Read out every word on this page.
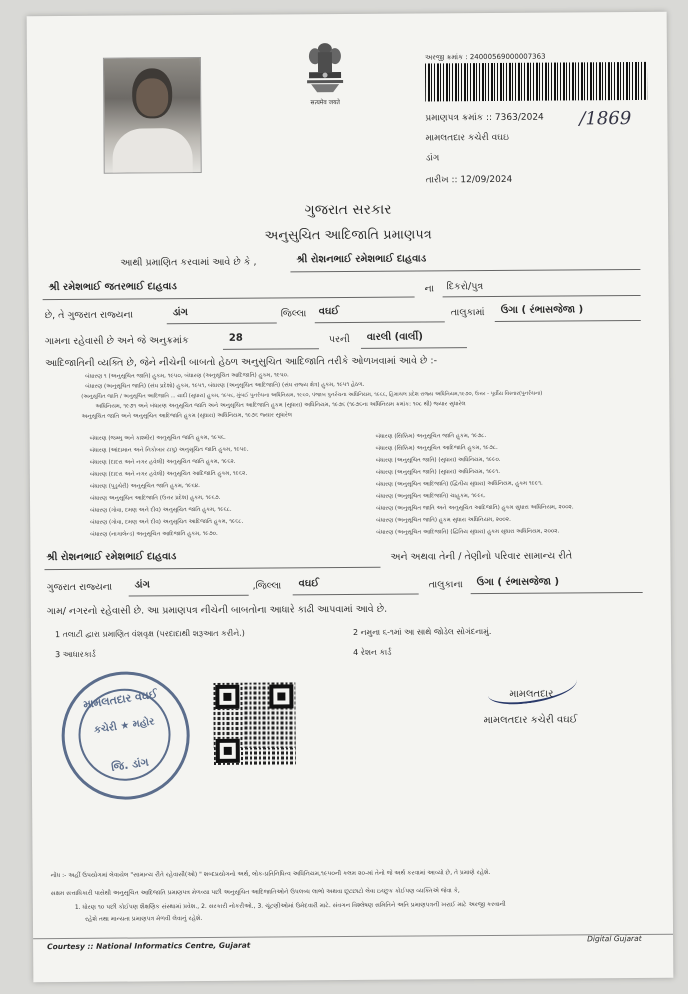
सत्यमेव जयते
અરજી ક્રમાંક : 24000569000007363
પ્રમાણપત્ર ક્રમાંક :: 7363/2024 /1869
મામલતદાર કચેરી વઘઇ
ડાંગ
તારીખ :: 12/09/2024
ગુજરાત સરકાર
અનુસુચિત આદિજાતિ પ્રમાણપત્ર
આથી પ્રમાણિત કરવામાં આવે છે કે ,	શ્રી રોશનભાઈ રમેશભાઈ દાહવાડ
શ્રી રમેશભાઈ જતરભાઈ દાહવાડ	ના દિકરો/પુત્ર
છે, તે ગુજરાત રાજ્યના	ડાંગ	જિલ્લા વઘઈ	તાલુકામાં ઉગા ( રંભાસજેજા )
ગામના રહેવાસી છે અને જે અનુક્રમાંક	28	પરની વારલી (વાર્લી)
આદિજાતિની વ્યક્તિ છે, જેને નીચેની બાબતો હેઠળ અનુસુચિત આદિજાતિ તરીકે ઓળખવામાં આવે છે :-
બંધારણ ૧ (અનુસૂચિત જાતિ) હુકમ, ૧૯૫૦, બંધારણ (અનુસૂચિત આદિજાતિ) હુકમ, ૧૯૫૦.
બંધારણ (અનુસૂચિત જાતિ) (સંઘ પ્રદેશો) હુકમ, ૧૯૫૧, બંધારણ (અનુસૂચિત આદિજાતિ) (સંઘ રાજ્ય ક્ષેત્ર) હુકમ, ૧૯૫૧ હેઠળ.
(અનુસૂચિત જાતિ / અનુસૂચિત આદિજાતિ ... યાદી (સુધારા) હુકમ, ૧૯૫૬, મુંબઈ પુનર્રચના અધિનિયમ, ૧૯૬૦, પંજાબ પુનર્રચના અધિનિયમ, ૧૯૬૬, હિમાચલ પ્રદેશ રાજ્ય અધિનિયમ,૧૯૭૦, ઉત્તર - પૂર્વીય વિસ્તાર(પુનર્રચના)
અધિનિયમ, ૧૯૭૧ અને બંધારણ અનુસૂચિત જાતિ અને અનુસૂચિત આદિજાતિ હુકમ (સુધારા) અધિનિયમ, ૧૯૭૬ (૧૯૭૬ના અધિનિયમ ક્રમાંક: ૧૦૮ થી) જ્યાર સુધારેલ
અનુસૂચિત જાતિ અને અનુસૂચિત આદિજાતિ હુકમ (સુધારા) અધિનિયમ, ૧૯૭૬ જ્યાર સુધારેલ
બંધારણ (જમ્મુ અને કાશ્મીર) અનુસૂચિત જાતિ હુકમ, ૧૯૫૬.
બંધારણ (આંદામાન અને નિકોબાર ટાપુ) અનુસૂચિત જાતિ હુકમ, ૧૯૫૯.
બંધારણ (દાદરા અને નગર હવેલી) અનુસૂચિત જાતિ હુકમ, ૧૯૬૨.
બંધારણ (દાદરા અને નગર હવેલી) અનુસૂચિત આદિજાતિ હુકમ, ૧૯૬૨.
બંધારણ (પુડુચેરી) અનુસૂચિત જાતિ હુકમ, ૧૯૬૪.
બંધારણ અનુસૂચિત આદિજાતિ (ઉત્તર પ્રદેશ) હુકમ, ૧૯૬૭.
બંધારણ (ગોવા, દમણ અને દીવ) અનુસૂચિત જાતિ હુકમ, ૧૯૬૮.
બંધારણ (ગોવા, દમણ અને દીવ) અનુસૂચિત આદિજાતિ હુકમ, ૧૯૬૮.
બંધારણ (નાગાલેન્ડ) અનુસૂચિત આદિજાતિ હુકમ, ૧૯૭૦.
બંધારણ (સિક્કિમ) અનુસૂચિત જાતિ હુકમ, ૧૯૭૮.
બંધારણ (સિક્કિમ) અનુસૂચિત આદિજાતિ હુકમ, ૧૯૭૮.
બંધારણ (અનુસૂચિત જાતિ) (સુધારા) અધિનિયમ, ૧૯૯૦.
બંધારણ (અનુસૂચિત જાતિ) (સુધારા) અધિનિયમ, ૧૯૯૧.
બંધારણ (અનુસૂચિત આદિજાતિ) (દ્વિતીય સુધારા) અધિનિયમ, હુકમ ૧૯૯૧.
બંધારણ (અનુસૂચિત આદિજાતિ) ચાહુકમ, ૧૯૯૬.
બંધારણ (અનુસૂચિત જાતિ અને અનુસૂચિત આદિજાતિ) હુકમ સુધારા અધિનિયમ, ૨૦૦૨.
બંધારણ (અનુસૂચિત જાતિ) હુકમ સુધારા અધિનિયમ, ૨૦૦૨.
બંધારણ (અનુસૂચિત આદિજાતિ) (દ્વિતિય સુધારા) હુકમ સુધારા અધિનિયમ, ૨૦૦૨.
શ્રી રોશનભાઈ રમેશભાઈ દાહવાડ	અને અથવા તેની / તેણીનો પરિવાર સામાન્ય રીતે
ગુજરાત રાજ્યના ડાંગ	,જિલ્લા વઘઈ	તાલુકાના ઉગા ( રંભાસજેજા )
ગામ/ નગરનો રહેવાસી છે. આ પ્રમાણપત્ર નીચેની બાબતોના આધારે કાઢી આપવામાં આવે છે.
1 તલાટી દ્વારા પ્રમાણિત વંશવૃક્ષ (પરદાદાથી શરૂઆત કરીને.)	2 નમુના ૬-૧માં આ સાથે જોડેલ સોગંદનામું.
3 આધારકાર્ડ	4 રેશન કાર્ડ
મામલતદાર વઘઈ
કચેરી ★ મહોર
જિ. ડાંગ
મામલતદાર
મામલતદાર કચેરી વઘઈ
નોંધ :- અહીં ઉપયોગમાં લેવાયેલ "સામાન્ય રીતે રહેવાસી(ઓ) " શબ્દપ્રયોગનો અર્થ, લોક-પ્રતિનિધિત્વ અધિનિયમ,૧૯૫૦ની કલમ ૨૦-માં તેનો જે અર્થ કરવામાં આવ્યો છે, તે પ્રમાણે રહેશે.
સક્ષમ સત્તાધિકારી પાસેથી અનુસૂચિત આદિજાતિ પ્રમાણપત્ર મેળવ્યા પછી અનુસૂચિત આદિજાતિઓને ઉપલબ્ધ લાભો અથવા છૂટછાટો લેવા ઇચ્છુક કોઈપણ વ્યક્તિએ જેવા કે,
1. ધોરણ ૧૦ પછી કોઈપણ શૈક્ષણિક સંસ્થામાં પ્રવેશ., 2. સરકારી નોકરીઓ., 3. ચૂંટણીઓમાં ઉમેદવારી માટે. સંવગન વિશ્લેષણ સમિતિને અતિ પ્રમાણપત્રની ખરાઈ માટે અરજી કરવાની
રહેશે તથા માન્યતા પ્રમાણપત્ર મેળવી લેવાનું રહેશે.
Courtesy :: National Informatics Centre, Gujarat
Digital Gujarat
